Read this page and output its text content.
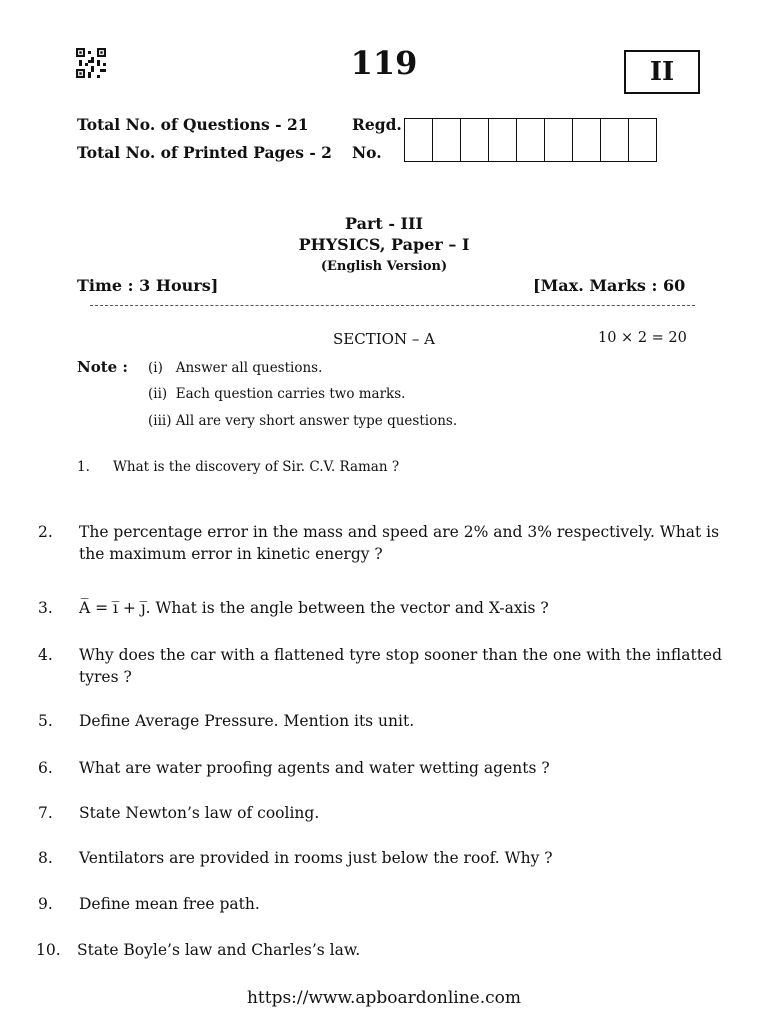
119	II
Total No. of Questions - 21
Total No. of Printed Pages - 2
Regd.
No.
Part - III
PHYSICS, Paper – I
(English Version)
Time : 3 Hours]	[Max. Marks : 60
SECTION – A	10 × 2 = 20
Note : (i)   Answer all questions.
(ii)  Each question carries two marks.
(iii) All are very short answer type questions.
1. What is the discovery of Sir. C.V. Raman ?
2.	The percentage error in the mass and speed are 2% and 3% respectively. What is the maximum error in kinetic energy ?
3.	A̅ = i̅ + j̅. What is the angle between the vector and X-axis ?
4.	Why does the car with a flattened tyre stop sooner than the one with the inflatted tyres ?
5.	Define Average Pressure. Mention its unit.
6.	What are water proofing agents and water wetting agents ?
7.	State Newton’s law of cooling.
8.	Ventilators are provided in rooms just below the roof. Why ?
9.	Define mean free path.
10.	State Boyle’s law and Charles’s law.
https://www.apboardonline.com
